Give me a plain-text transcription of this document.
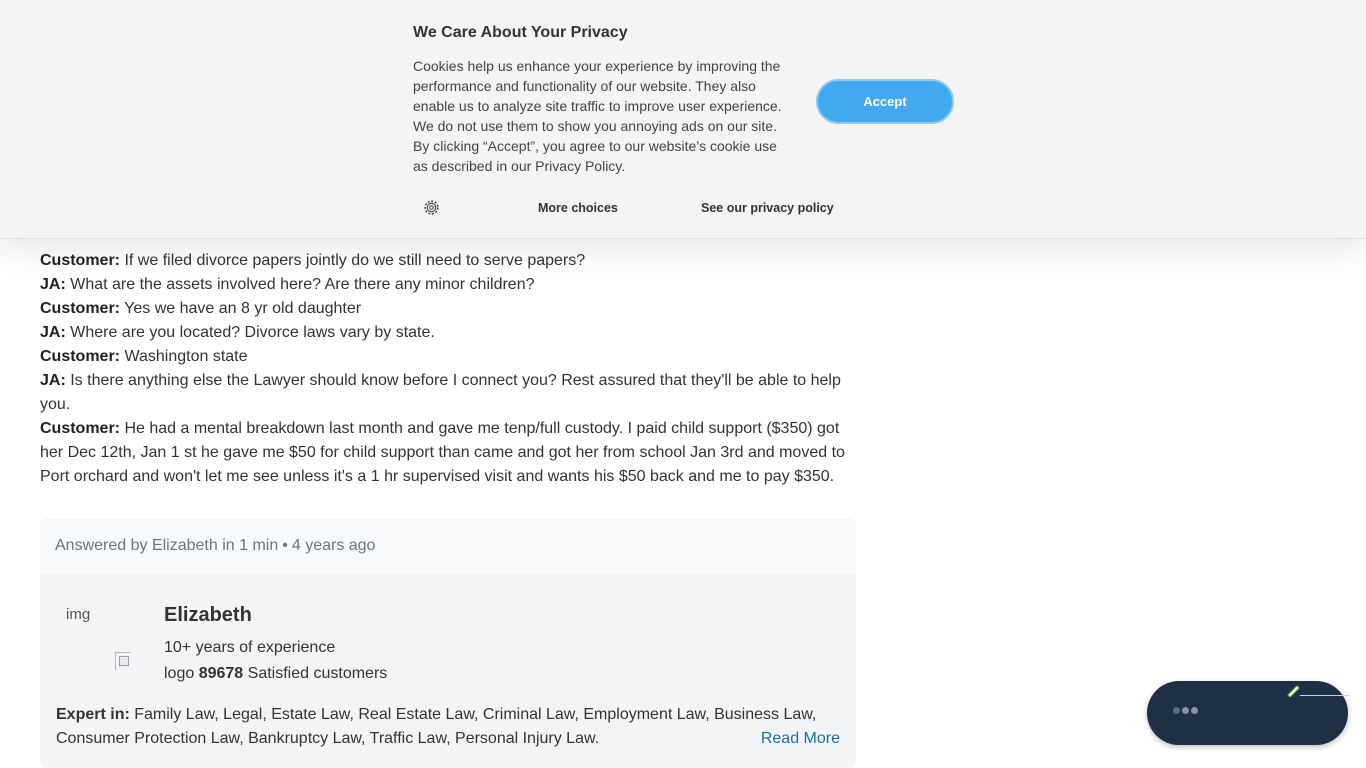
Customer: If we filed divorce papers jointly do we still need to serve papers?

JA: What are the assets involved here? Are there any minor children?

Customer: Yes we have an 8 yr old daughter

JA: Where are you located? Divorce laws vary by state.

Customer: Washington state

JA: Is there anything else the Lawyer should know before I connect you? Rest assured that they'll be able to help you.

Customer: He had a mental breakdown last month and gave me tenp/full custody. I paid child support ($350) got her Dec 12th, Jan 1 st he gave me $50 for child support than came and got her from school Jan 3rd and moved to Port orchard and won't let me see unless it's a 1 hr supervised visit and wants his $50 back and me to pay $350.

Answered by Elizabeth in 1 min • 4 years ago
img	Elizabeth
10+ years of experience
logo 89678 Satisfied customers
Expert in: Family Law, Legal, Estate Law, Real Estate Law, Criminal Law, Employment Law, Business Law, Consumer Protection Law, Bankruptcy Law, Traffic Law, Personal Injury Law.	Read More
We Care About Your Privacy
Cookies help us enhance your experience by improving the performance and functionality of our website. They also enable us to analyze site traffic to improve user experience. We do not use them to show you annoying ads on our site. By clicking “Accept”, you agree to our website’s cookie use as described in our Privacy Policy.
Accept
More choices	See our privacy policy
